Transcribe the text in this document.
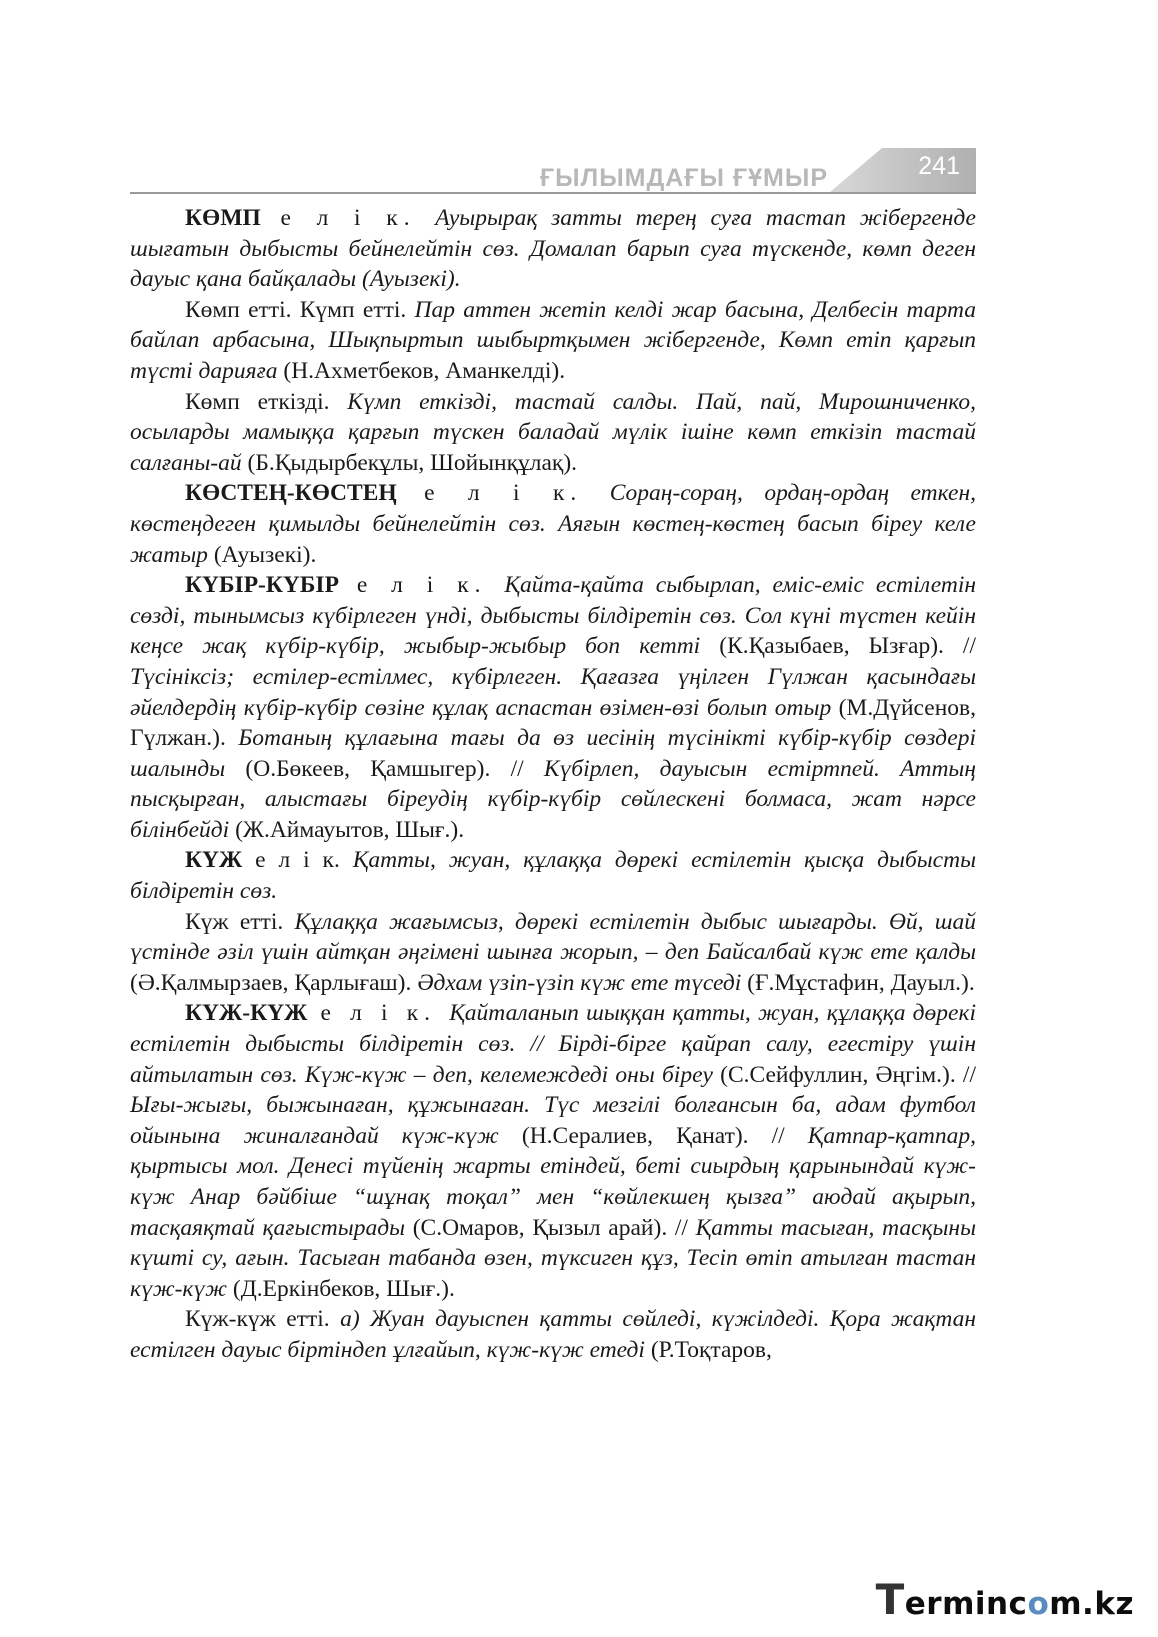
ҒЫЛЫМДАҒЫ ҒҰМЫР	241

КӨМП е л і к. Ауырырақ затты терең суға тастап жібергенде шығатын дыбысты бейнелейтін сөз. Домалап барып суға түскенде, көмп деген дауыс қана байқалады (Ауызекі).

Көмп етті. Күмп етті. Пар аттен жетіп келді жар басына, Делбесін тарта байлап арбасына, Шықпыртып шыбыртқымен жібергенде, Көмп етіп қарғып түсті дарияға (Н.Ахметбеков, Аманкелді).

Көмп еткізді. Күмп еткізді, тастай салды. Пай, пай, Мирошниченко, осыларды мамыққа қарғып түскен баладай мүлік ішіне көмп еткізіп тастай салғаны-ай (Б.Қыдырбекұлы, Шойынқұлақ).

КӨСТЕҢ-КӨСТЕҢ е л і к. Сорaң-сорaң, ордаң-ордаң еткен, көстеңдеген қимылды бейнелейтін сөз. Аяғын көстең-көстең басып біреу келе жатыр (Ауызекі).

КҮБІР-КҮБІР е л і к. Қайта-қайта сыбырлап, еміс-еміс естілетін сөзді, тынымсыз күбірлеген үнді, дыбысты білдіретін сөз. Сол күні түстен кейін кеңсе жақ күбір-күбір, жыбыр-жыбыр боп кетті (К.Қазыбаев, Ызғар). // Түсініксіз; естілер-естілмес, күбірлеген. Қағазға үңілген Гүлжан қасындағы әйелдердің күбір-күбір сөзіне құлақ аспастан өзімен-өзі болып отыр (М.Дүйсенов, Гүлжан.). Ботаның құлағына тағы да өз иесінің түсінікті күбір-күбір сөздері шалынды (О.Бөкеев, Қамшыгер). // Күбірлеп, дауысын естіртпей. Аттың пысқырған, алыстағы біреудің күбір-күбір сөйлескені болмаса, жат нәрсе білінбейді (Ж.Аймауытов, Шығ.).

КҮЖ е л і к. Қатты, жуан, құлаққа дөрекі естілетін қысқа дыбысты білдіретін сөз.

Күж етті. Құлаққа жағымсыз, дөрекі естілетін дыбыс шығарды. Өй, шай үстінде әзіл үшін айтқан әңгімені шынға жорып, – деп Байсалбай күж ете қалды (Ә.Қалмырзаев, Қарлығаш). Әдхам үзіп-үзіп күж ете түседі (Ғ.Мұстафин, Дауыл.).

КҮЖ-КҮЖ е л і к. Қайталанып шыққан қатты, жуан, құлаққа дөрекі естілетін дыбысты білдіретін сөз. // Бірді-бірге қайрап салу, егестіру үшін айтылатын сөз. Күж-күж – деп, келемеждеді оны біреу (С.Сейфуллин, Әңгім.). // Ығы-жығы, быжынаған, құжынаған. Түс мезгілі болғансын ба, адам футбол ойынына жиналғандай күж-күж (Н.Сералиев, Қанат). // Қатпар-қатпар, қыртысы мол. Денесі түйенің жарты етіндей, беті сиырдың қарынындай күж-күж Анар бәйбіше “шұнақ тоқал” мен “көйлекшең қызға” аюдай ақырып, тасқаяқтай қағыстырады (С.Омаров, Қызыл арай). // Қатты тасыған, тасқыны күшті су, ағын. Тасыған табанда өзен, түксиген құз, Тесіп өтіп атылған тастан күж-күж (Д.Еркінбеков, Шығ.).

Күж-күж етті. а) Жуан дауыспен қатты сөйледі, күжілдеді. Қора жақтан естілген дауыс біртіндеп ұлғайып, күж-күж етеді (Р.Тоқтаров,

Termincom.kz
